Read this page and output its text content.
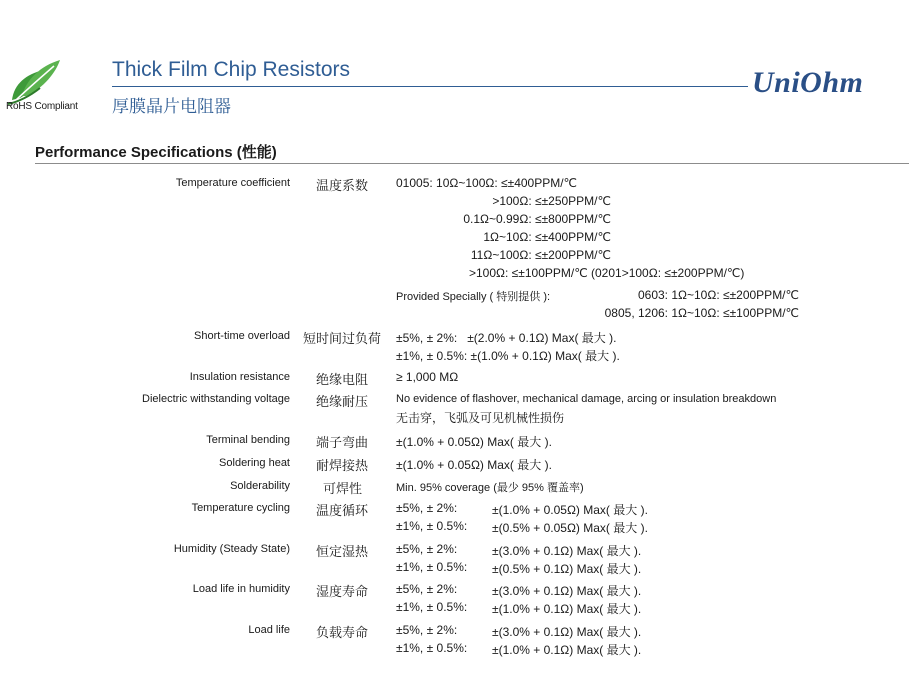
RoHS Compliant
Thick Film Chip Resistors
厚膜晶片电阻器
UniOhm
Performance Specifications (性能)
Temperature coefficient 温度系数 01005: 10Ω~100Ω: ≤±400PPM/℃
>100Ω: ≤±250PPM/℃
0.1Ω~0.99Ω: ≤±800PPM/℃
1Ω~10Ω: ≤±400PPM/℃
11Ω~100Ω: ≤±200PPM/℃
>100Ω: ≤±100PPM/℃ (0201>100Ω: ≤±200PPM/℃)
Provided Specially ( 特别提供 ):	0603: 1Ω~10Ω: ≤±200PPM/℃
0805, 1206: 1Ω~10Ω: ≤±100PPM/℃
Short-time overload 短时间过负荷 ±5%, ± 2%:   ±(2.0% + 0.1Ω) Max( 最大 ).
±1%, ± 0.5%: ±(1.0% + 0.1Ω) Max( 最大 ).
Insulation resistance 绝缘电阻 ≥ 1,000 MΩ
Dielectric withstanding voltage 绝缘耐压	No evidence of flashover, mechanical damage, arcing or insulation breakdown
无击穿，飞弧及可见机械性损伤
Terminal bending 端子弯曲 ±(1.0% + 0.05Ω) Max( 最大 ).
Soldering heat 耐焊接热 ±(1.0% + 0.05Ω) Max( 最大 ).
Solderability	可焊性	Min. 95% coverage (最少 95% 覆盖率)
Temperature cycling 温度循环 ±5%, ± 2%:	±(1.0% + 0.05Ω) Max( 最大 ).
±1%, ± 0.5%: ±(0.5% + 0.05Ω) Max( 最大 ).
Humidity (Steady State) 恒定湿热 ±5%, ± 2%:	±(3.0% + 0.1Ω) Max( 最大 ).
±1%, ± 0.5%: ±(0.5% + 0.1Ω) Max( 最大 ).
Load life in humidity 湿度寿命 ±5%, ± 2%:	±(3.0% + 0.1Ω) Max( 最大 ).
±1%, ± 0.5%: ±(1.0% + 0.1Ω) Max( 最大 ).
Load life 负载寿命 ±5%, ± 2%:	±(3.0% + 0.1Ω) Max( 最大 ).
±1%, ± 0.5%: ±(1.0% + 0.1Ω) Max( 最大 ).
